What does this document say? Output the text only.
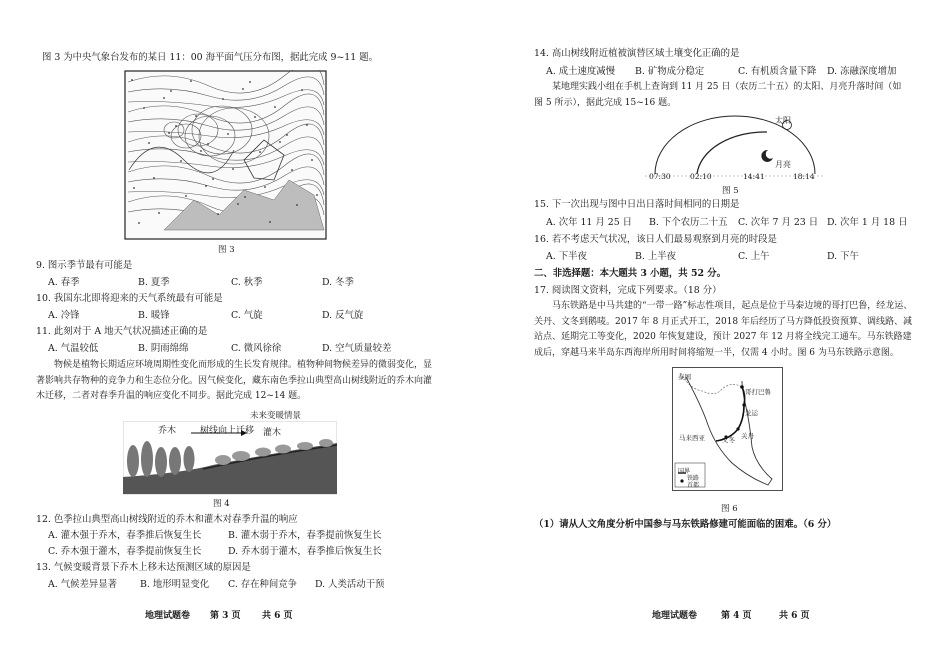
图 3 为中央气象台发布的某日 11：00 海平面气压分布图，据此完成 9~11 题。
图 3
9. 图示季节最有可能是
A. 春季	B. 夏季	C. 秋季	D. 冬季
10. 我国东北即将迎来的天气系统最有可能是
A. 冷锋	B. 暖锋	C. 气旋	D. 反气旋
11. 此刻对于 A 地天气状况描述正确的是
A. 气温较低	B. 阴雨绵绵	C. 微风徐徐	D. 空气质量较差
物候是植物长期适应环境周期性变化而形成的生长发育规律。植物种间物候差异的微弱变化，显著影响共存物种的竞争力和生态位分化。因气候变化，藏东南色季拉山典型高山树线附近的乔木向灌木迁移，二者对春季升温的响应变化不同步。据此完成 12~14 题。
未来变暖情景
乔木	树线向上迁移 灌木
图 4
12. 色季拉山典型高山树线附近的乔木和灌木对春季升温的响应
A. 灌木强于乔木，春季推后恢复生长	B. 灌木弱于乔木，春季提前恢复生长
C. 乔木强于灌木，春季提前恢复生长	D. 乔木弱于灌木，春季推后恢复生长
13. 气候变暖背景下乔木上移未达预测区域的原因是
A. 气候差异显著 B. 地形明显变化 C. 存在种间竞争 D. 人类活动干预
地理试题卷 第 3 页 共 6 页
14. 高山树线附近植被演替区域土壤变化正确的是
A. 成土速度减慢 B. 矿物成分稳定	C. 有机质含量下降 D. 冻融深度增加
某地理实践小组在手机上查询到 11 月 25 日（农历二十五）的太阳、月亮升落时间（如图 5 所示），据此完成 15~16 题。
太阳
月亮
07:30	02:10	14:41	18:14
图 5
15. 下一次出现与图中日出日落时间相同的日期是
A. 次年 11 月 25 日 B. 下个农历二十五 C. 次年 7 月 23 日 D. 次年 1 月 18 日
16. 若不考虑天气状况，该日人们最易观察到月亮的时段是
A. 下半夜	B. 上半夜	C. 上午	D. 下午
二、非选择题：本大题共 3 小题，共 52 分。
17. 阅读图文资料，完成下列要求。（18 分）
马东铁路是中马共建的“一带一路”标志性项目，起点是位于马泰边境的哥打巴鲁，经龙运、关丹、文冬到鹅唛。2017 年 8 月正式开工，2018 年后经历了马方降低投资预算、调线路、减站点、延期完工等变化，2020 年恢复建设，预计 2027 年 12 月将全线完工通车。马东铁路建成后，穿越马来半岛东西海岸所用时间将缩短一半，仅需 4 小时。图 6 为马东铁路示意图。
泰国
哥打巴鲁
龙运
关丹
文冬
马来西亚
国界
铁路
首都
图 6
（1）请从人文角度分析中国参与马东铁路修建可能面临的困难。（6 分）
地理试题卷	第 4 页	共 6 页
